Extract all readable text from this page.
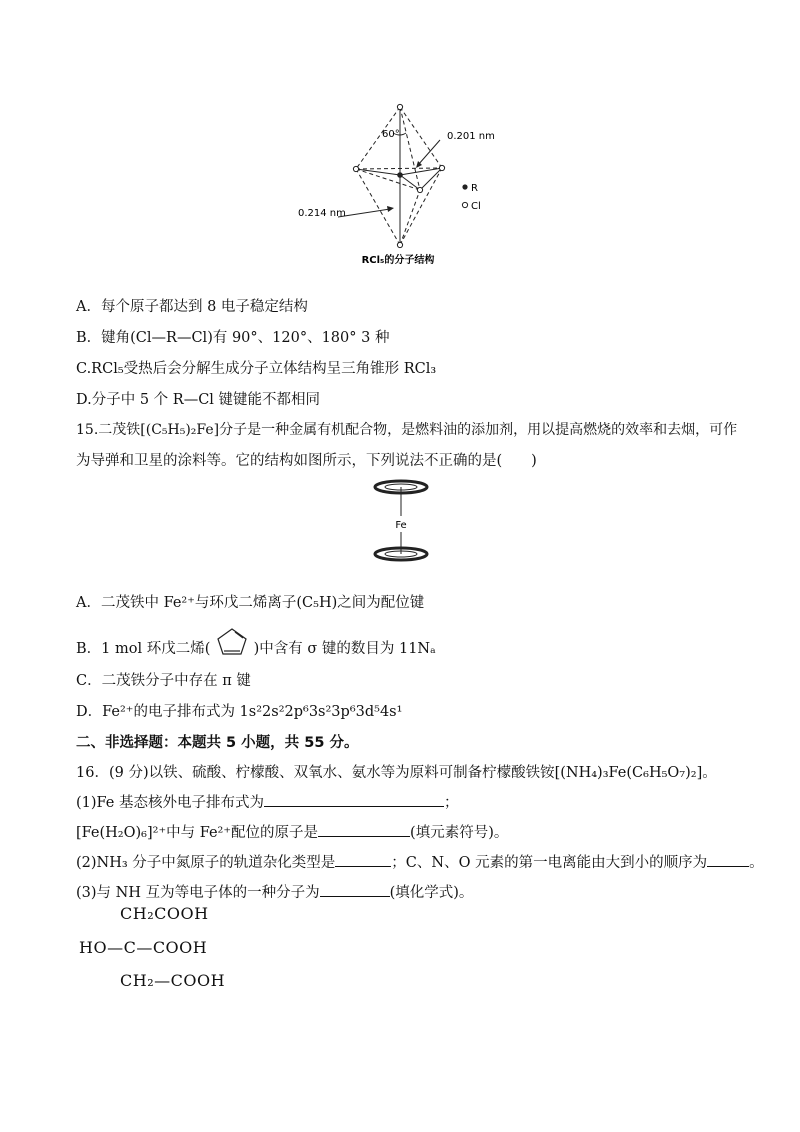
60°	0.201 nm
0.214 nm
R
Cl
RCl₅的分子结构
A．每个原子都达到 8 电子稳定结构
B．键角(Cl—R—Cl)有 90°、120°、180° 3 种
C.RCl₅受热后会分解生成分子立体结构呈三角锥形 RCl₃
D.分子中 5 个 R—Cl 键键能不都相同
15.二茂铁[(C₅H₅)₂Fe]分子是一种金属有机配合物，是燃料油的添加剂，用以提高燃烧的效率和去烟，可作
为导弹和卫星的涂料等。它的结构如图所示，下列说法不正确的是(　　)
Fe
A．二茂铁中 Fe²⁺与环戊二烯离子(C₅H)之间为配位键
B．1 mol 环戊二烯(	)中含有 σ 键的数目为 11Nₐ
C．二茂铁分子中存在 π 键
D．Fe²⁺的电子排布式为 1s²2s²2p⁶3s²3p⁶3d⁵4s¹
二、非选择题：本题共 5 小题，共 55 分。
16．(9 分)以铁、硫酸、柠檬酸、双氧水、氨水等为原料可制备柠檬酸铁铵[(NH₄)₃Fe(C₆H₅O₇)₂]。
(1)Fe 基态核外电子排布式为	；
[Fe(H₂O)₆]²⁺中与 Fe²⁺配位的原子是	(填元素符号)。
(2)NH₃ 分子中氮原子的轨道杂化类型是	；C、N、O 元素的第一电离能由大到小的顺序为	。
(3)与 NH 互为等电子体的一种分子为	(填化学式)。
CH₂COOH
HO—C—COOH
CH₂—COOH
